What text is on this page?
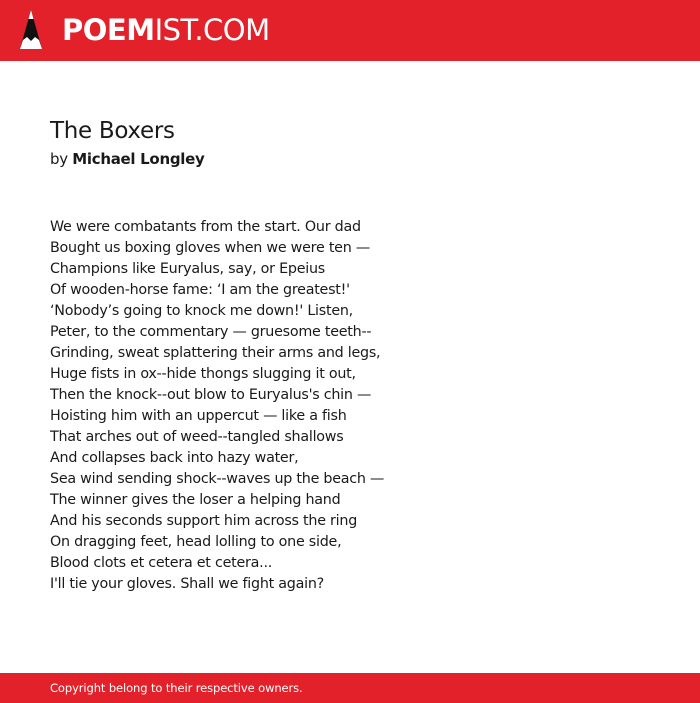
POEMIST.COM
The Boxers
by Michael Longley
We were combatants from the start. Our dad
Bought us boxing gloves when we were ten —
Champions like Euryalus, say, or Epeius
Of wooden-horse fame: ‘I am the greatest!'
‘Nobody’s going to knock me down!' Listen,
Peter, to the commentary — gruesome teeth--
Grinding, sweat splattering their arms and legs,
Huge fists in ox--hide thongs slugging it out,
Then the knock--out blow to Euryalus's chin —
Hoisting him with an uppercut — like a fish
That arches out of weed--tangled shallows
And collapses back into hazy water,
Sea wind sending shock--waves up the beach —
The winner gives the loser a helping hand
And his seconds support him across the ring
On dragging feet, head lolling to one side,
Blood clots et cetera et cetera...
I'll tie your gloves. Shall we fight again?
Copyright belong to their respective owners.
